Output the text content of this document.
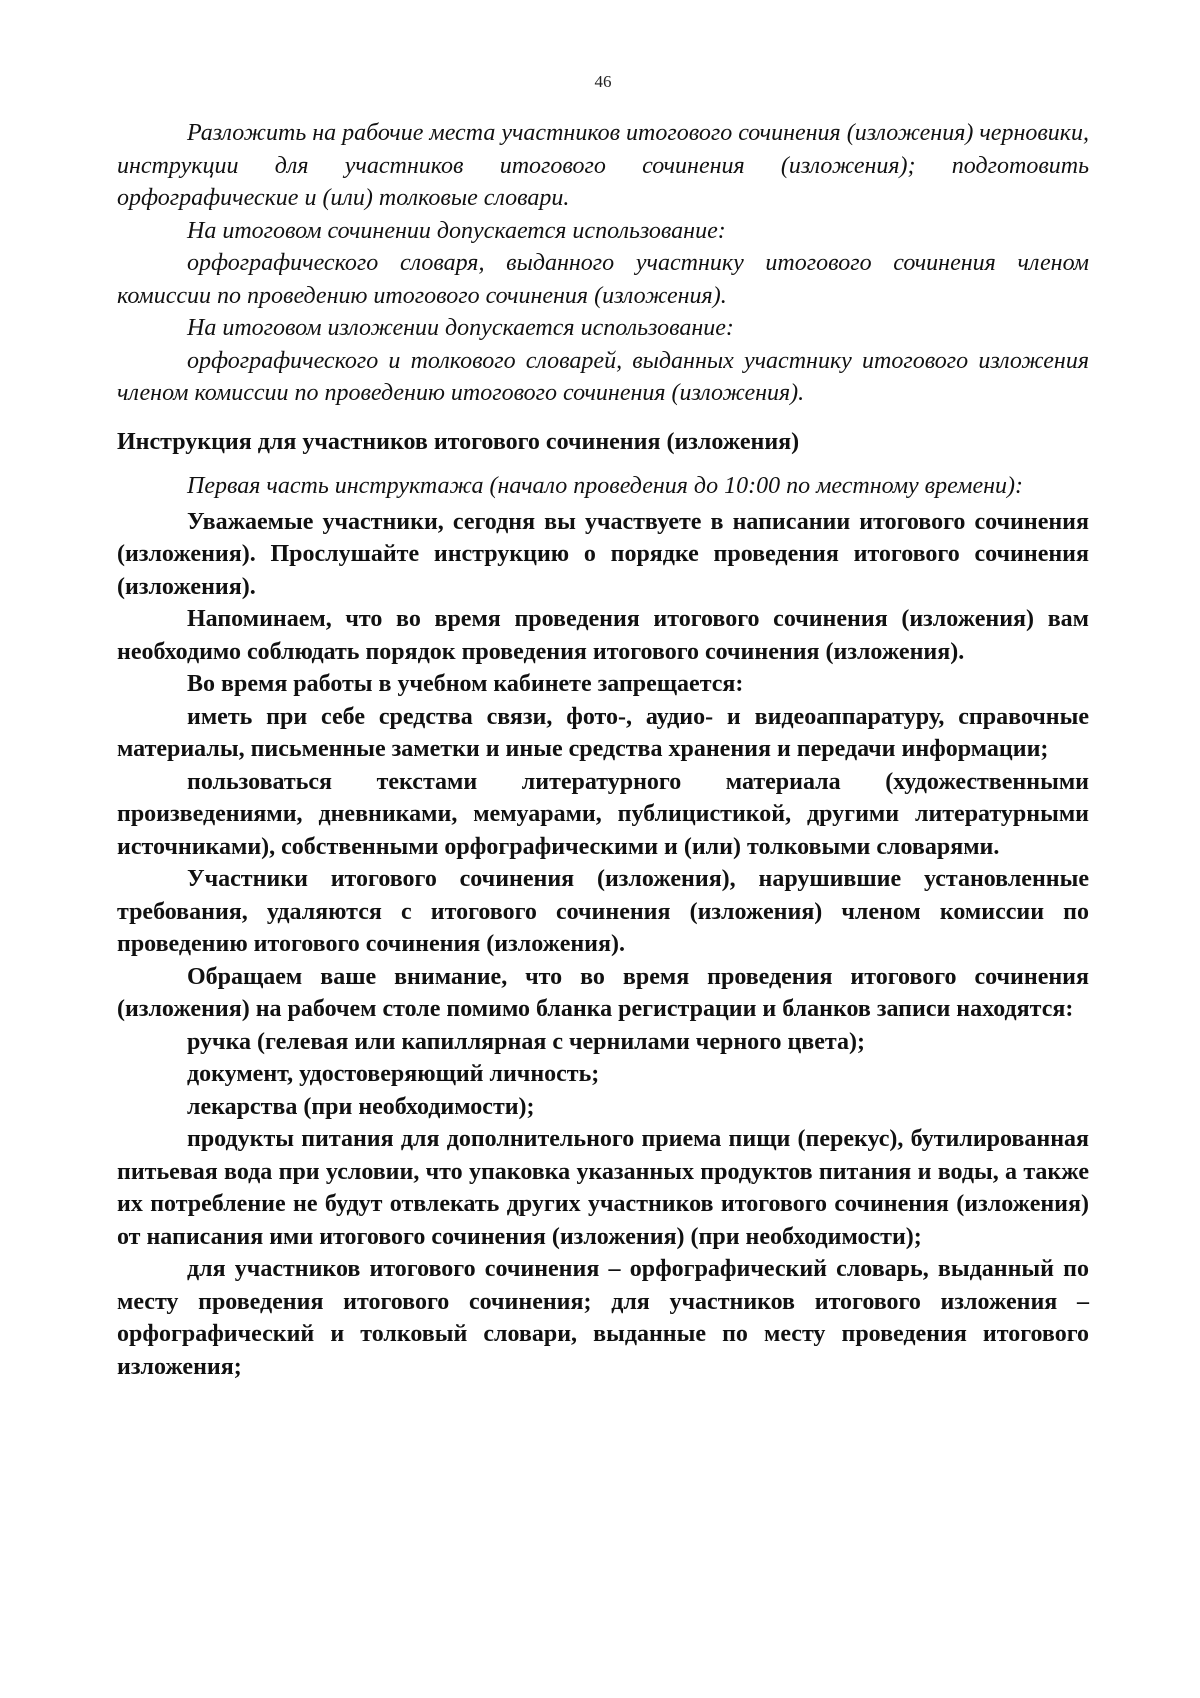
46

Разложить на рабочие места участников итогового сочинения (изложения) черновики, инструкции для участников итогового сочинения (изложения); подготовить орфографические и (или) толковые словари.

На итоговом сочинении допускается использование:

орфографического словаря, выданного участнику итогового сочинения членом комиссии по проведению итогового сочинения (изложения).

На итоговом изложении допускается использование:

орфографического и толкового словарей, выданных участнику итогового изложения членом комиссии по проведению итогового сочинения (изложения).

Инструкция для участников итогового сочинения (изложения)

Первая часть инструктажа (начало проведения до 10:00 по местному времени):

Уважаемые участники, сегодня вы участвуете в написании итогового сочинения (изложения). Прослушайте инструкцию о порядке проведения итогового сочинения (изложения).

Напоминаем, что во время проведения итогового сочинения (изложения) вам необходимо соблюдать порядок проведения итогового сочинения (изложения).

Во время работы в учебном кабинете запрещается:

иметь при себе средства связи, фото-, аудио- и видеоаппаратуру, справочные материалы, письменные заметки и иные средства хранения и передачи информации;

пользоваться текстами литературного материала (художественными произведениями, дневниками, мемуарами, публицистикой, другими литературными источниками), собственными орфографическими и (или) толковыми словарями.

Участники итогового сочинения (изложения), нарушившие установленные требования, удаляются с итогового сочинения (изложения) членом комиссии по проведению итогового сочинения (изложения).

Обращаем ваше внимание, что во время проведения итогового сочинения (изложения) на рабочем столе помимо бланка регистрации и бланков записи находятся:

ручка (гелевая или капиллярная с чернилами черного цвета);

документ, удостоверяющий личность;

лекарства (при необходимости);

продукты питания для дополнительного приема пищи (перекус), бутилированная питьевая вода при условии, что упаковка указанных продуктов питания и воды, а также их потребление не будут отвлекать других участников итогового сочинения (изложения) от написания ими итогового сочинения (изложения) (при необходимости);

для участников итогового сочинения – орфографический словарь, выданный по месту проведения итогового сочинения; для участников итогового изложения – орфографический и толковый словари, выданные по месту проведения итогового изложения;
